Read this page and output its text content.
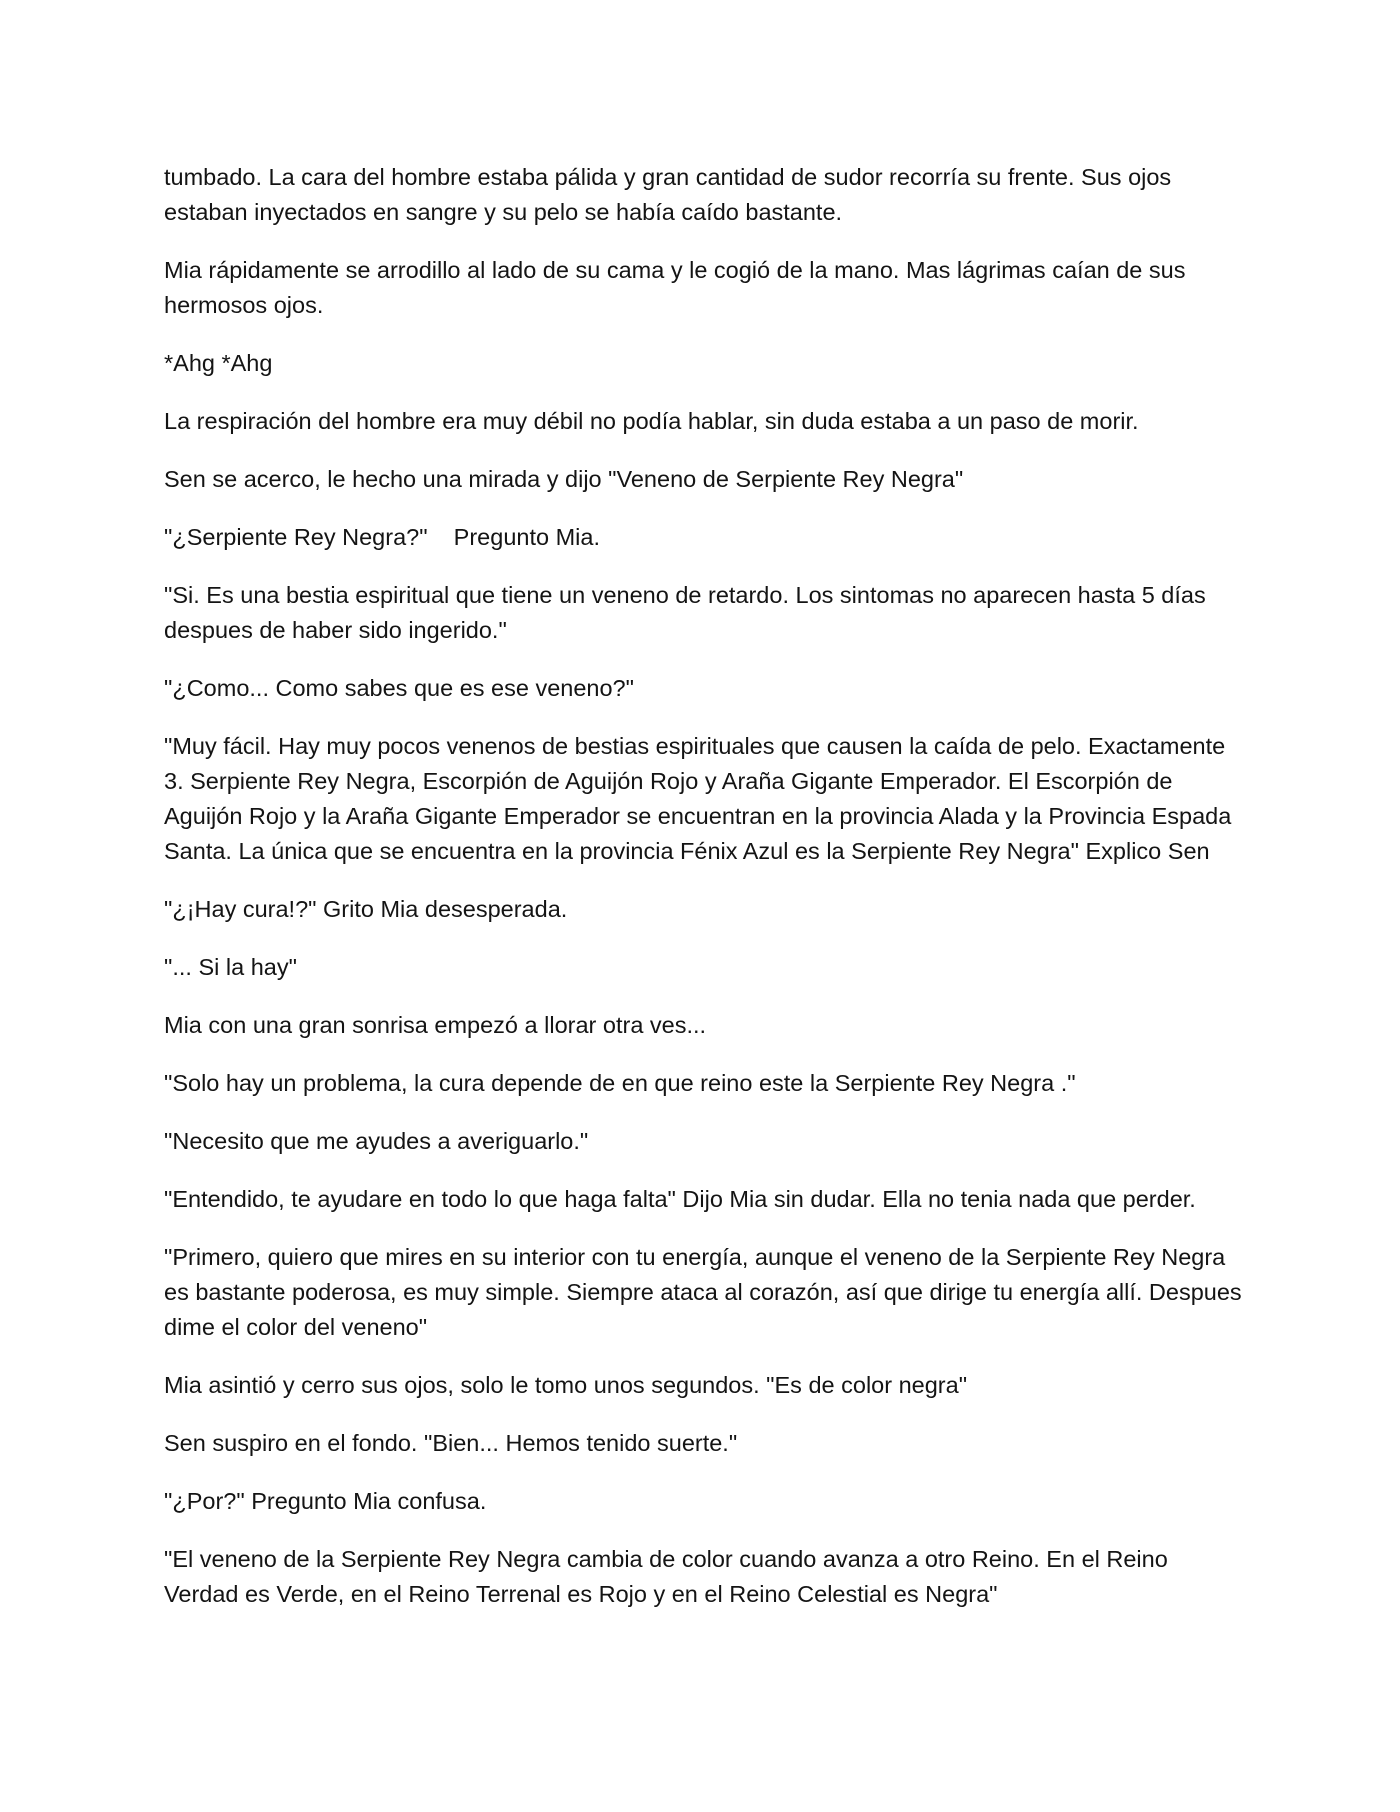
tumbado. La cara del hombre estaba pálida y gran cantidad de sudor recorría su frente. Sus ojos estaban inyectados en sangre y su pelo se había caído bastante.

Mia rápidamente se arrodillo al lado de su cama y le cogió de la mano. Mas lágrimas caían de sus hermosos ojos.

*Ahg *Ahg

La respiración del hombre era muy débil no podía hablar, sin duda estaba a un paso de morir.

Sen se acerco, le hecho una mirada y dijo "Veneno de Serpiente Rey Negra"

"¿Serpiente Rey Negra?"    Pregunto Mia.

"Si. Es una bestia espiritual que tiene un veneno de retardo. Los sintomas no aparecen hasta 5 días despues de haber sido ingerido."

"¿Como... Como sabes que es ese veneno?"

"Muy fácil. Hay muy pocos venenos de bestias espirituales que causen la caída de pelo. Exactamente 3. Serpiente Rey Negra, Escorpión de Aguijón Rojo y Araña Gigante Emperador. El Escorpión de Aguijón Rojo y la Araña Gigante Emperador se encuentran en la provincia Alada y la Provincia Espada Santa. La única que se encuentra en la provincia Fénix Azul es la Serpiente Rey Negra" Explico Sen

"¿¡Hay cura!?" Grito Mia desesperada.

"... Si la hay"

Mia con una gran sonrisa empezó a llorar otra ves...

"Solo hay un problema, la cura depende de en que reino este la Serpiente Rey Negra ."

"Necesito que me ayudes a averiguarlo."

"Entendido, te ayudare en todo lo que haga falta" Dijo Mia sin dudar. Ella no tenia nada que perder.

"Primero, quiero que mires en su interior con tu energía, aunque el veneno de la Serpiente Rey Negra es bastante poderosa, es muy simple. Siempre ataca al corazón, así que dirige tu energía allí. Despues dime el color del veneno"

Mia asintió y cerro sus ojos, solo le tomo unos segundos. "Es de color negra"

Sen suspiro en el fondo. "Bien... Hemos tenido suerte."

"¿Por?" Pregunto Mia confusa.

"El veneno de la Serpiente Rey Negra cambia de color cuando avanza a otro Reino. En el Reino Verdad es Verde, en el Reino Terrenal es Rojo y en el Reino Celestial es Negra"
